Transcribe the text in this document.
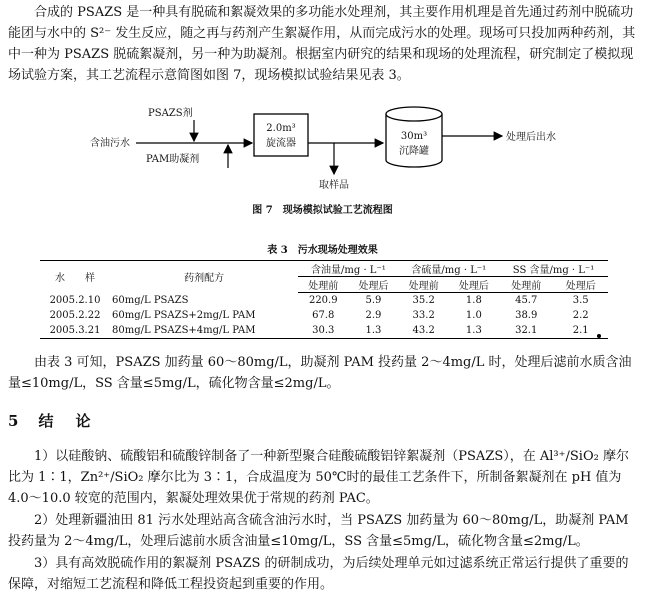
合成的 PSAZS 是一种具有脱硫和絮凝效果的多功能水处理剂，其主要作用机理是首先通过药剂中脱硫功能团与水中的 S²⁻ 发生反应，随之再与药剂产生絮凝作用，从而完成污水的处理。现场可只投加两种药剂，其中一种为 PSAZS 脱硫絮凝剂，另一种为助凝剂。根据室内研究的结果和现场的处理流程，研究制定了模拟现场试验方案，其工艺流程示意简图如图 7，现场模拟试验结果见表 3。

含油污水
PSAZS剂
PAM助凝剂
2.0m³
旋流器
取样品
30m³
沉降罐
处理后出水

图 7　现场模拟试验工艺流程图

表 3　污水现场处理效果

水　　样	药剂配方	含油量/mg · L⁻¹		含硫量/mg · L⁻¹		SS 含量/mg · L⁻¹	
		处理前	处理后	处理前	处理后	处理前	处理后
2005.2.10	60mg/L PSAZS	220.9	5.9	35.2	1.8	45.7	3.5
2005.2.22	60mg/L PSAZS+2mg/L PAM	67.8	2.9	33.2	1.0	38.9	2.2
2005.3.21	80mg/L PSAZS+4mg/L PAM	30.3	1.3	43.2	1.3	32.1	2.1

由表 3 可知，PSAZS 加药量 60～80mg/L，助凝剂 PAM 投药量 2～4mg/L 时，处理后滤前水质含油量≤10mg/L，SS 含量≤5mg/L，硫化物含量≤2mg/L。

5 结 论

1）以硅酸钠、硫酸铝和硫酸锌制备了一种新型聚合硅酸硫酸铝锌絮凝剂（PSAZS），在 Al³⁺/SiO₂ 摩尔比为 1∶1，Zn²⁺/SiO₂ 摩尔比为 3∶1，合成温度为 50℃时的最佳工艺条件下，所制备絮凝剂在 pH 值为 4.0～10.0 较宽的范围内，絮凝处理效果优于常规的药剂 PAC。

2）处理新疆油田 81 污水处理站高含硫含油污水时，当 PSAZS 加药量为 60～80mg/L，助凝剂 PAM 投药量为 2～4mg/L，处理后滤前水质含油量≤10mg/L，SS 含量≤5mg/L，硫化物含量≤2mg/L。

3）具有高效脱硫作用的絮凝剂 PSAZS 的研制成功，为后续处理单元如过滤系统正常运行提供了重要的保障，对缩短工艺流程和降低工程投资起到重要的作用。
